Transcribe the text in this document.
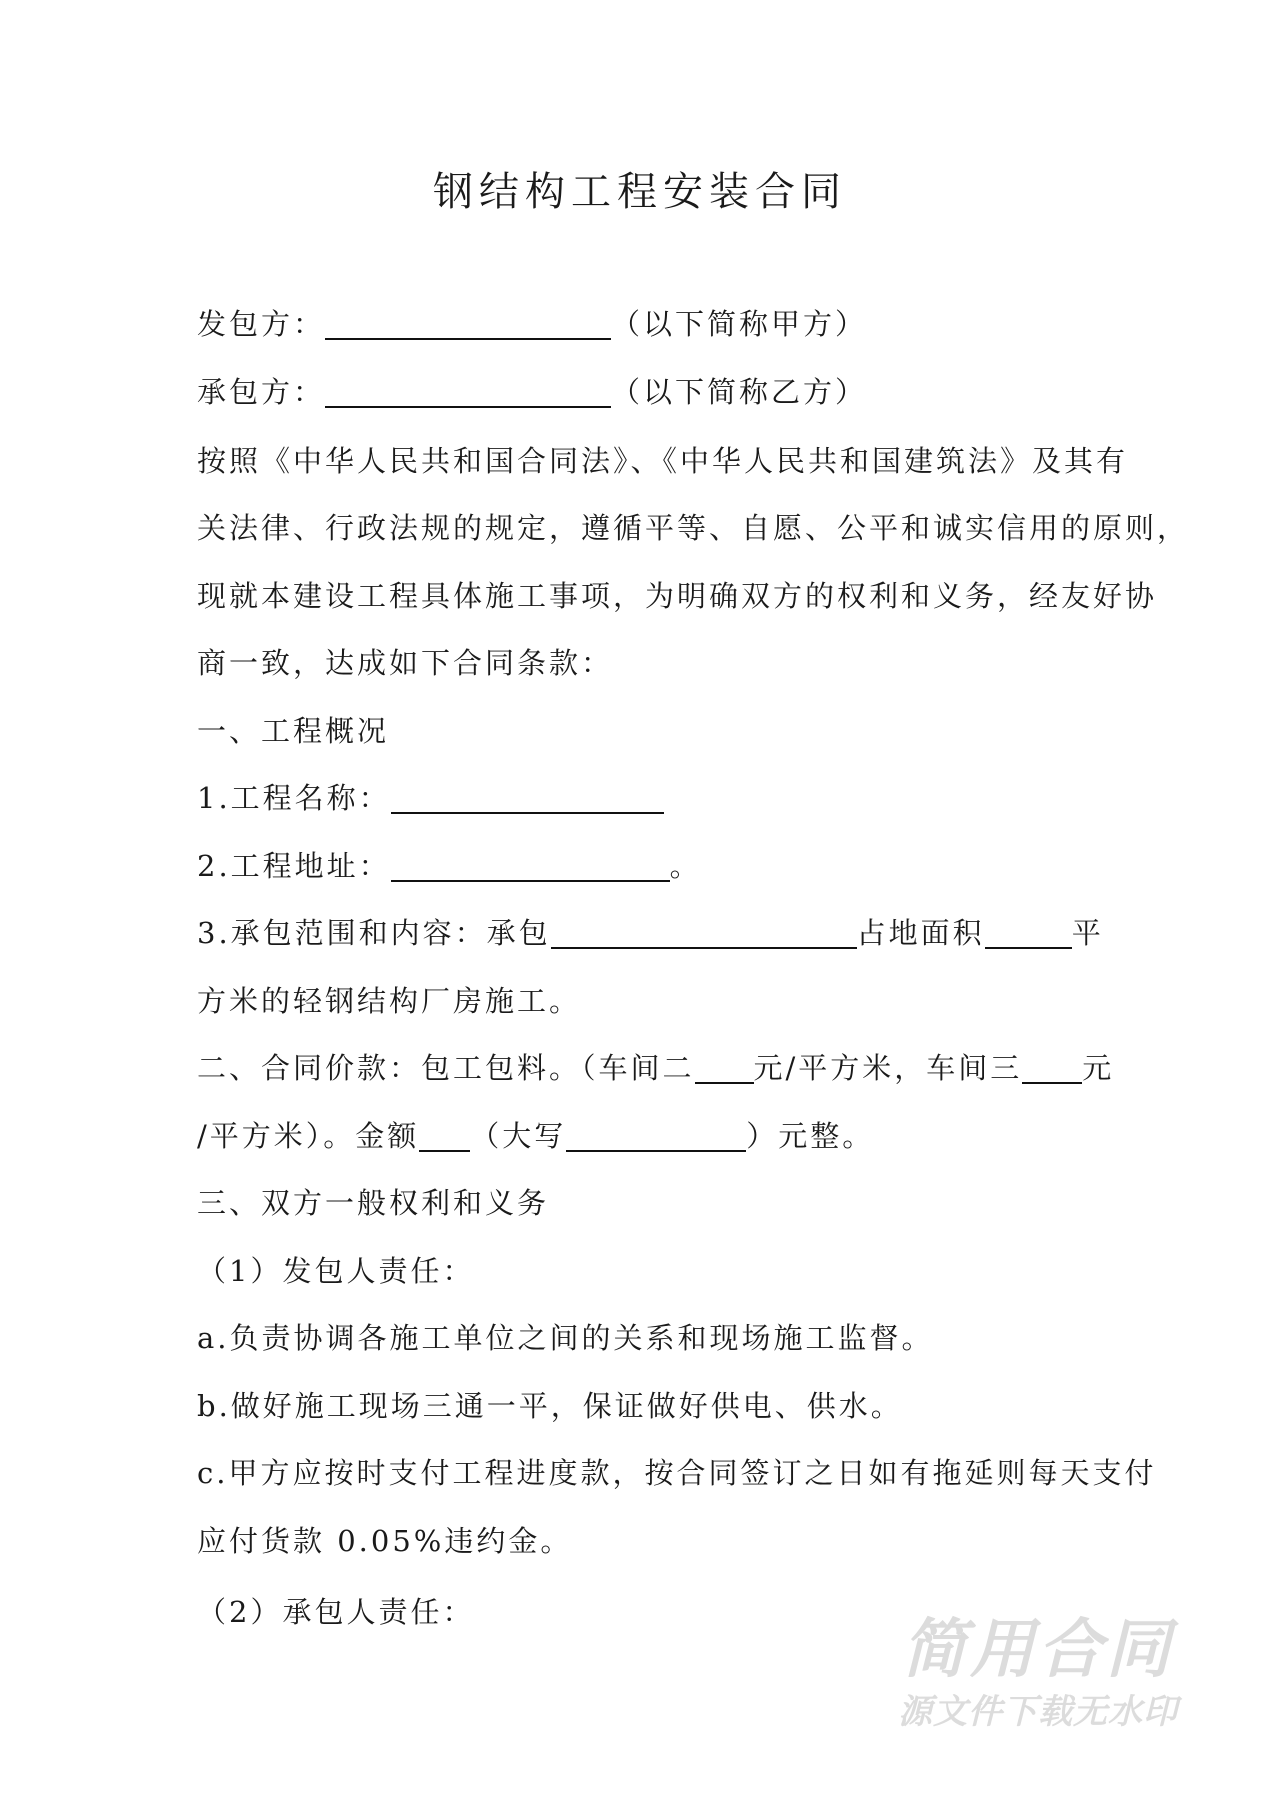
钢结构工程安装合同
发包方：	（以下简称甲方）
承包方：	（以下简称乙方）
按照《中华人民共和国合同法》、《中华人民共和国建筑法》及其有
关法律、行政法规的规定，遵循平等、自愿、公平和诚实信用的原则，
现就本建设工程具体施工事项，为明确双方的权利和义务，经友好协
商一致，达成如下合同条款：
一、工程概况
1.工程名称：
2.工程地址：	。
3.承包范围和内容：承包	占地面积	平
方米的轻钢结构厂房施工。
二、合同价款：包工包料。（车间二 元/平方米，车间三 元
/平方米）。金额 （大写	）元整。
三、双方一般权利和义务
（1）发包人责任：
a.负责协调各施工单位之间的关系和现场施工监督。
b.做好施工现场三通一平，保证做好供电、供水。
c.甲方应按时支付工程进度款，按合同签订之日如有拖延则每天支付
应付货款 0.05%违约金。
（2）承包人责任：
简用合同
源文件下载无水印
